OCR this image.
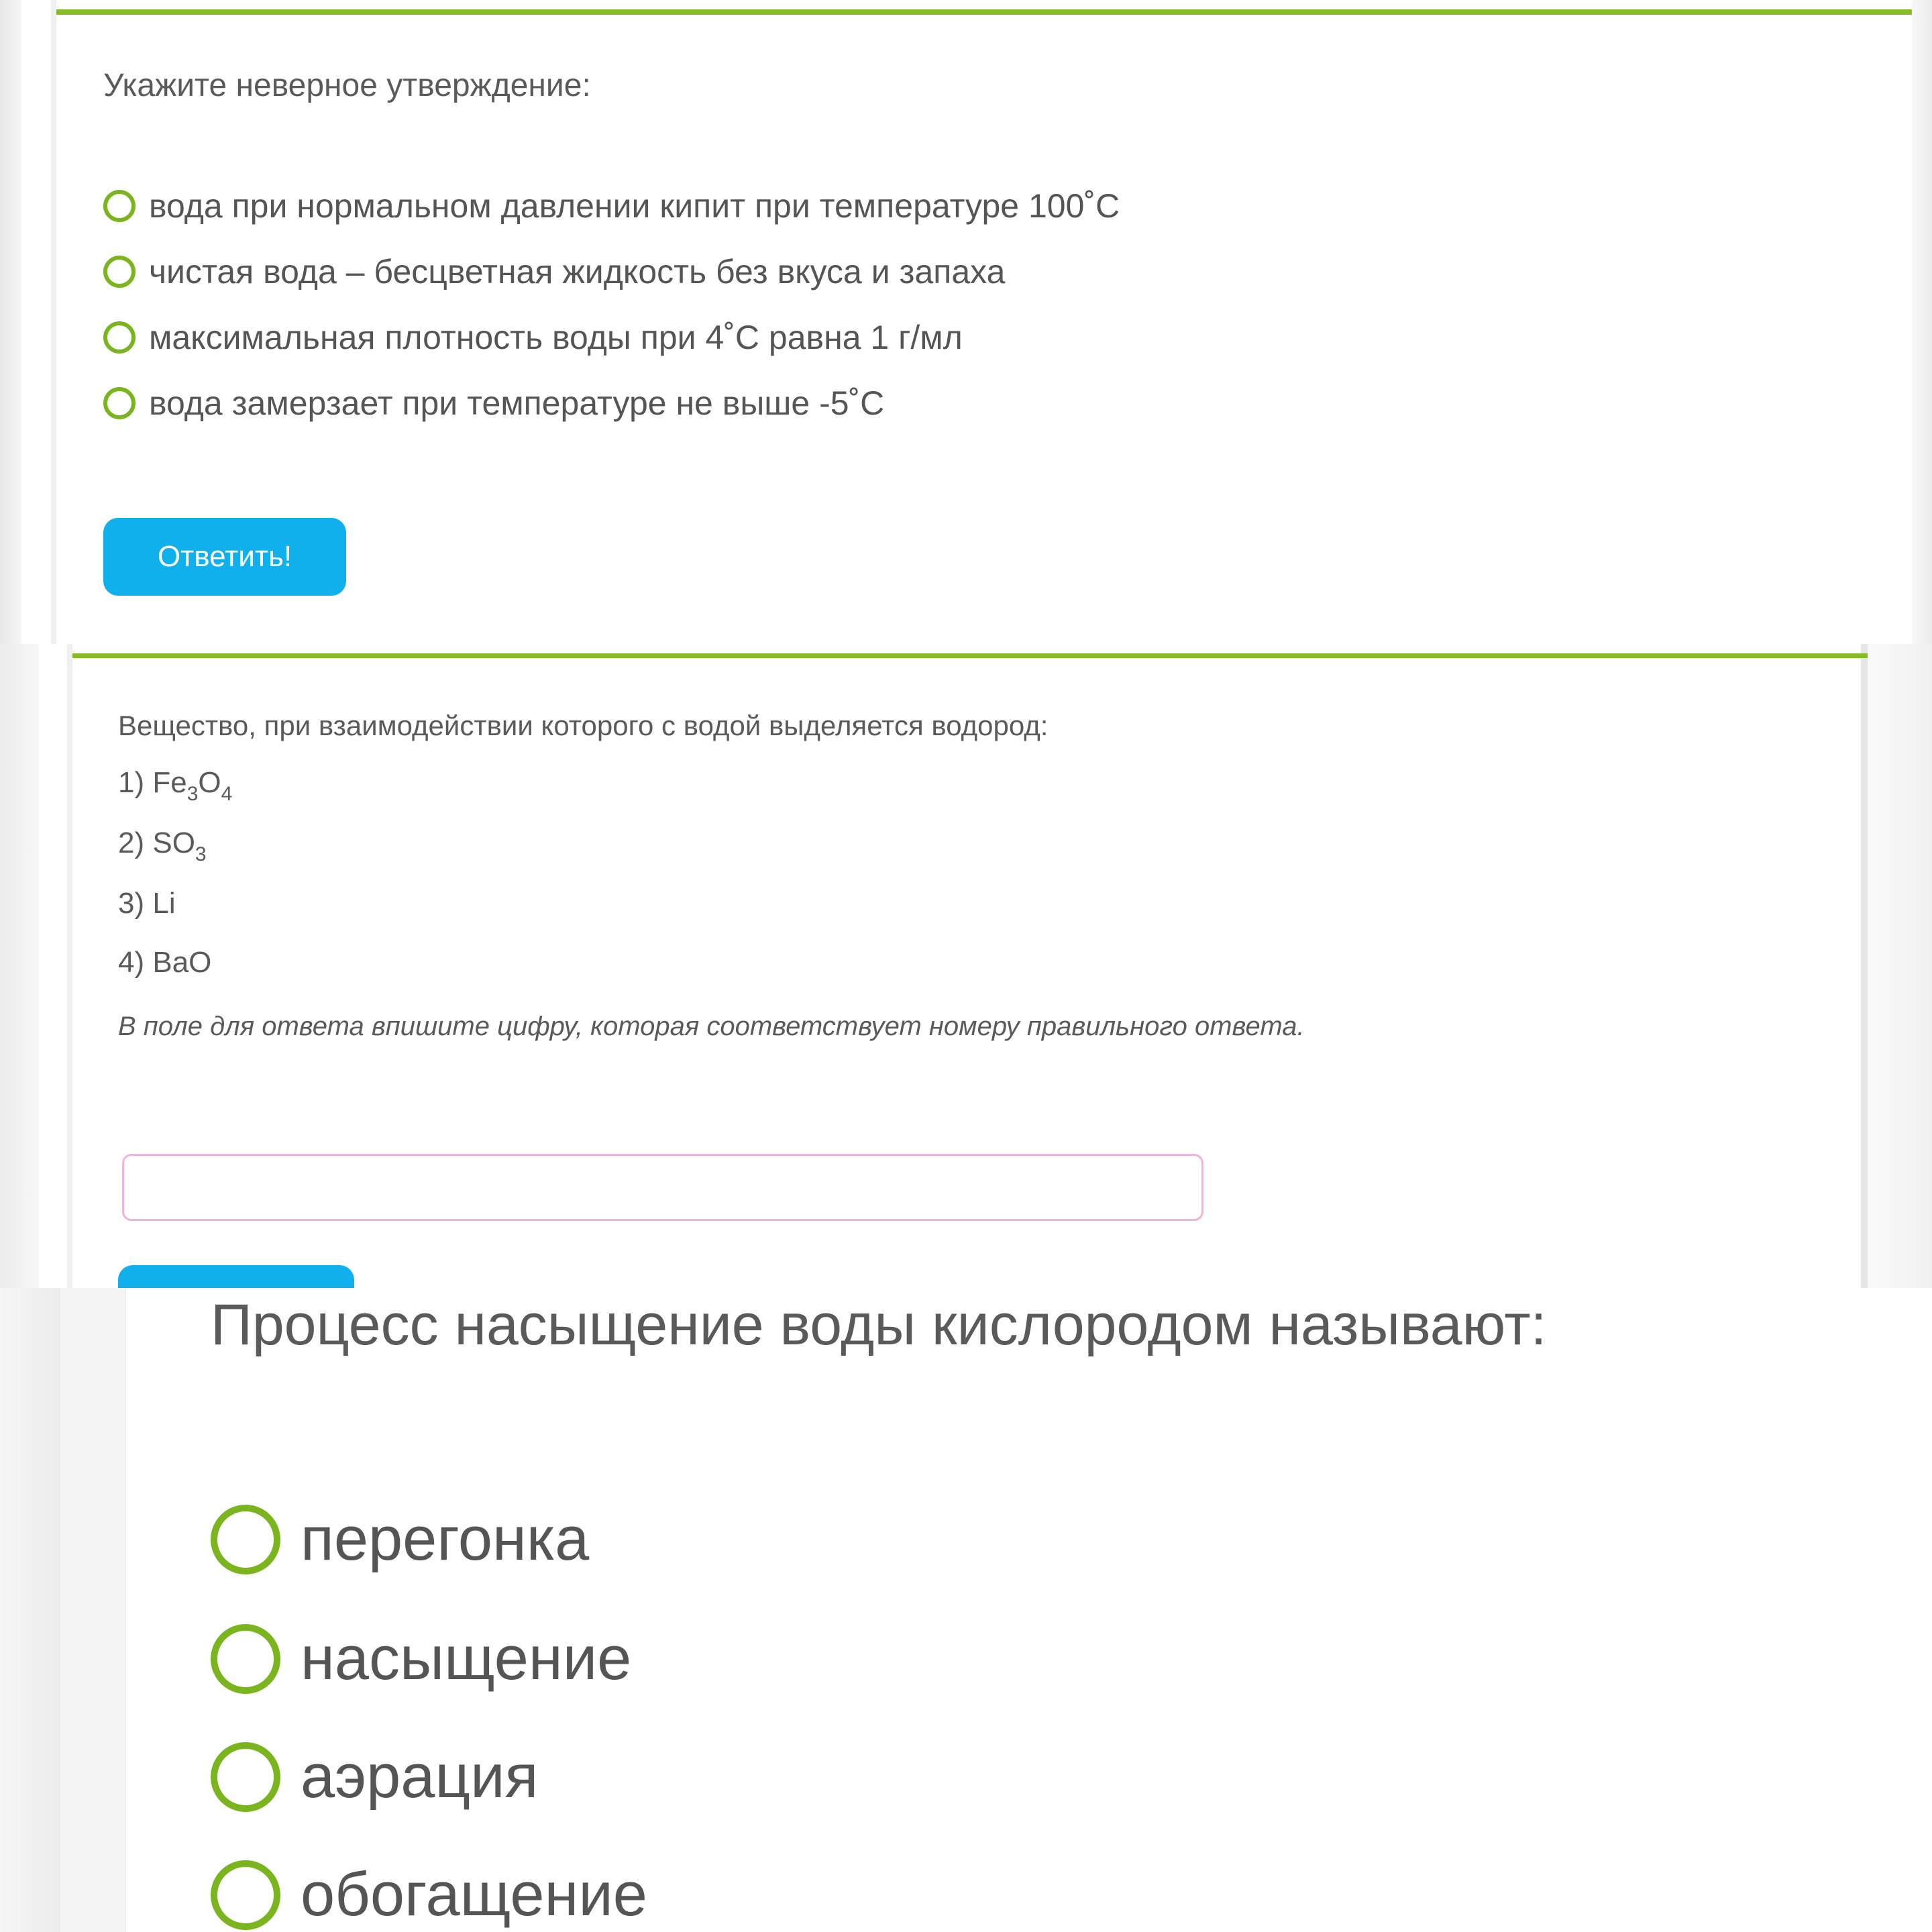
Укажите неверное утверждение:
вода при нормальном давлении кипит при температуре 100˚С
чистая вода – бесцветная жидкость без вкуса и запаха
максимальная плотность воды при 4˚С равна 1 г/мл
вода замерзает при температуре не выше -5˚С
Ответить!
Вещество, при взаимодействии которого с водой выделяется водород:
1) $Fe_3O_4$
2) $SO_3$
3) Li
4) BaO
В поле для ответа впишите цифру, которая соответствует номеру правильного ответа.
Процесс насыщение воды кислородом называют:
перегонка
насыщение
аэрация
обогащение
